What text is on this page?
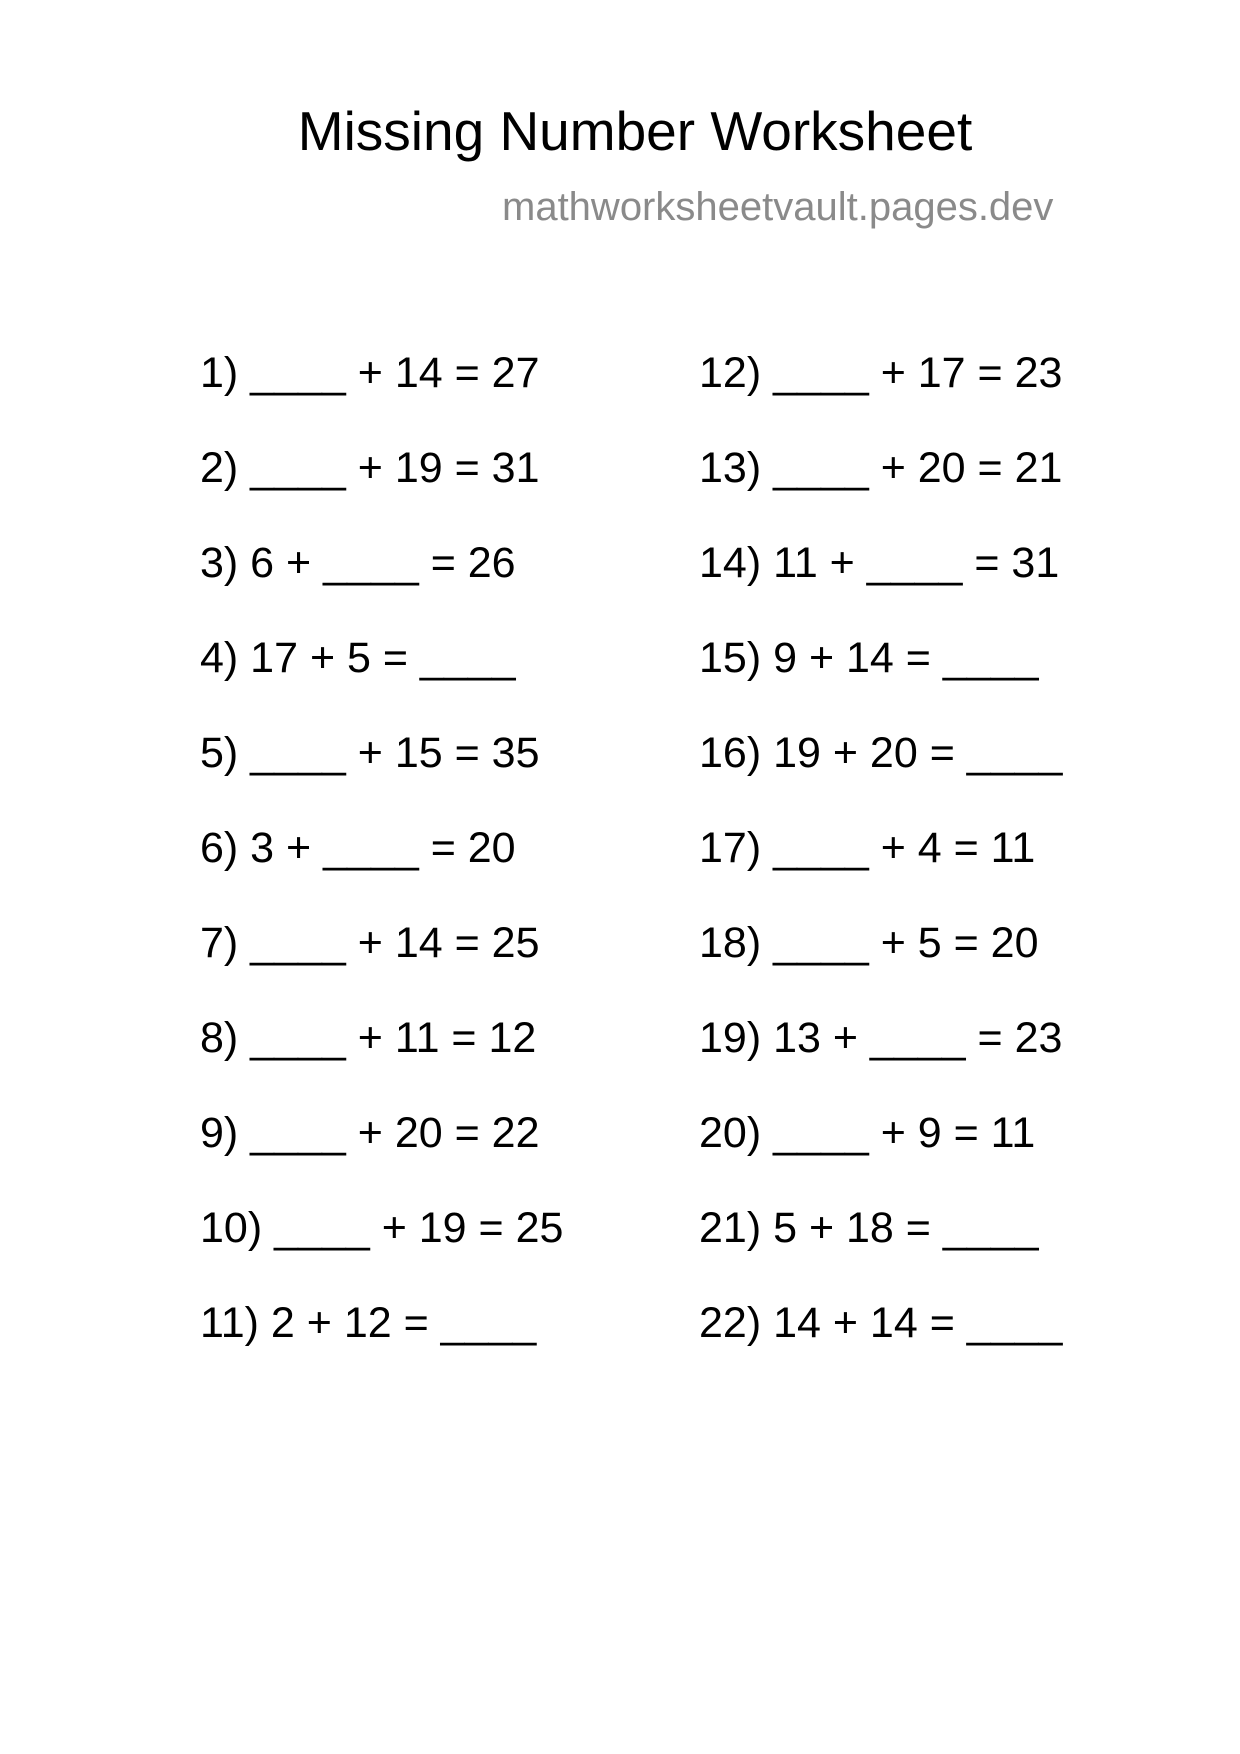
Missing Number Worksheet
mathworksheetvault.pages.dev
1) ____ + 14 = 27
2) ____ + 19 = 31
3) 6 + ____ = 26
4) 17 + 5 = ____
5) ____ + 15 = 35
6) 3 + ____ = 20
7) ____ + 14 = 25
8) ____ + 11 = 12
9) ____ + 20 = 22
10) ____ + 19 = 25
11) 2 + 12 = ____
12) ____ + 17 = 23
13) ____ + 20 = 21
14) 11 + ____ = 31
15) 9 + 14 = ____
16) 19 + 20 = ____
17) ____ + 4 = 11
18) ____ + 5 = 20
19) 13 + ____ = 23
20) ____ + 9 = 11
21) 5 + 18 = ____
22) 14 + 14 = ____
